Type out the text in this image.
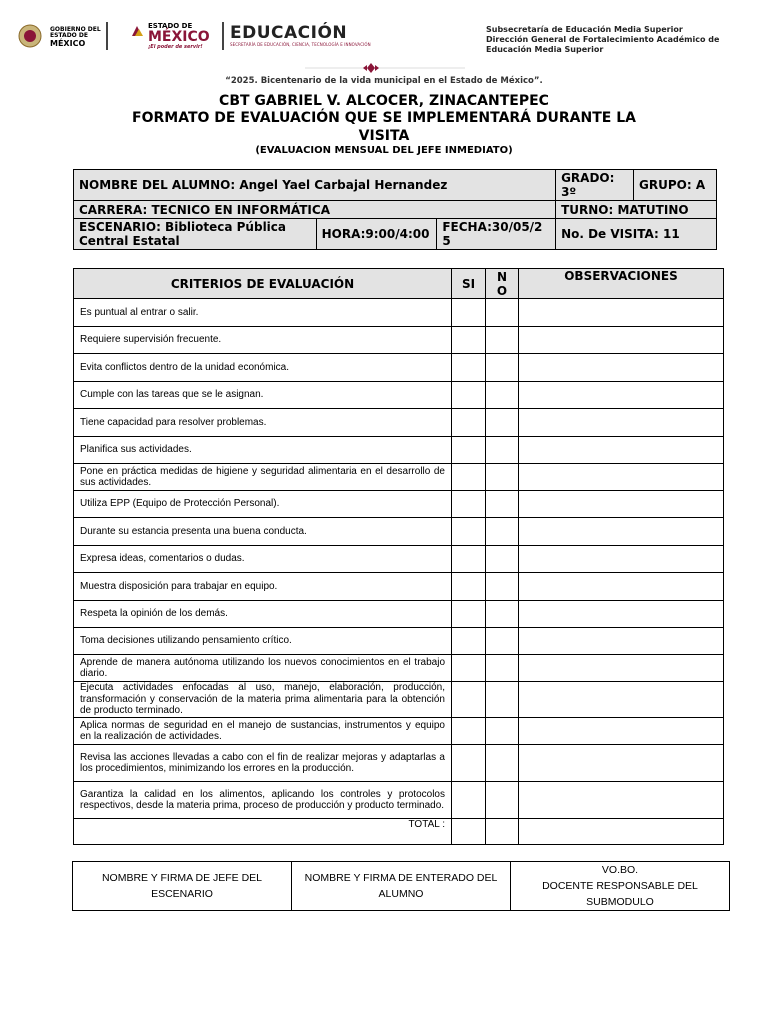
GOBIERNO DEL
ESTADO DE
MÉXICO
ESTADO DE
MÉXICO
¡El poder de servir!
EDUCACIÓN
SECRETARÍA DE EDUCACIÓN, CIENCIA, TECNOLOGÍA E INNOVACIÓN
Subsecretaría de Educación Media Superior
Dirección General de Fortalecimiento Académico de
Educación Media Superior
“2025. Bicentenario de la vida municipal en el Estado de México”.
CBT GABRIEL V. ALCOCER, ZINACANTEPEC
FORMATO DE EVALUACIÓN QUE SE IMPLEMENTARÁ DURANTE LA VISITA
(EVALUACION MENSUAL DEL JEFE INMEDIATO)
NOMBRE DEL ALUMNO: Angel Yael Carbajal Hernandez			GRADO: 3º	GRUPO: A
CARRERA: TECNICO EN INFORMÁTICA			TURNO: MATUTINO	
ESCENARIO: Biblioteca Pública Central Estatal	HORA:9:00/4:00	FECHA:30/05/25	No. De VISITA: 11	
CRITERIOS DE EVALUACIÓN	SI	NO	OBSERVACIONES
Es puntual al entrar o salir.			
Requiere supervisión frecuente.			
Evita conflictos dentro de la unidad económica.			
Cumple con las tareas que se le asignan.			
Tiene capacidad para resolver problemas.			
Planifica sus actividades.			
Pone en práctica medidas de higiene y seguridad alimentaria en el desarrollo de sus actividades.			
Utiliza EPP (Equipo de Protección Personal).			
Durante su estancia presenta una buena conducta.			
Expresa ideas, comentarios o dudas.			
Muestra disposición para trabajar en equipo.			
Respeta la opinión de los demás.			
Toma decisiones utilizando pensamiento crítico.			
Aprende de manera autónoma utilizando los nuevos conocimientos en el trabajo diario.			
Ejecuta actividades enfocadas al uso, manejo, elaboración, producción, transformación y conservación de la materia prima alimentaria para la obtención de producto terminado.			
Aplica normas de seguridad en el manejo de sustancias, instrumentos y equipo en la realización de actividades.			
Revisa las acciones llevadas a cabo con el fin de realizar mejoras y adaptarlas a los procedimientos, minimizando los errores en la producción.			
Garantiza la calidad en los alimentos, aplicando los controles y protocolos respectivos, desde la materia prima, proceso de producción y producto terminado.			
TOTAL :			
NOMBRE Y FIRMA DE JEFE DEL ESCENARIO	NOMBRE Y FIRMA DE ENTERADO DEL ALUMNO	VO.BO.
DOCENTE RESPONSABLE DEL SUBMODULO
